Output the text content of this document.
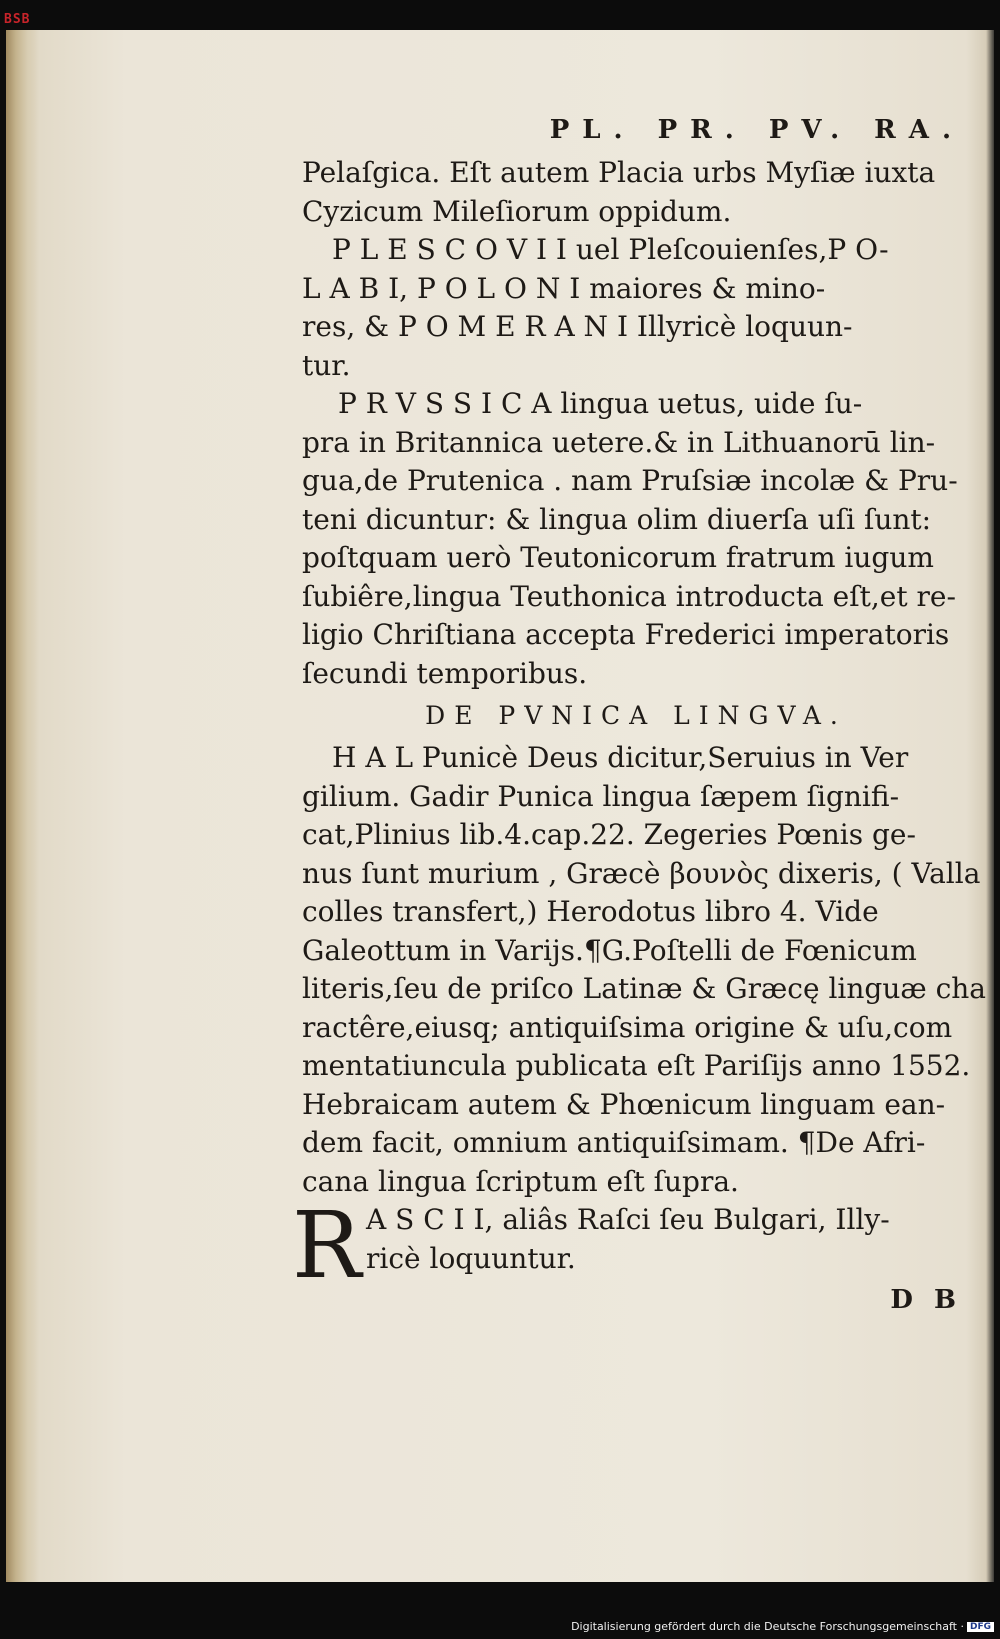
BSB
PL. PR. PV. RA.
Pelaſgica. Eſt autem Placia urbs Myſiæ iuxta
Cyzicum Mileſiorum oppidum.
P L E S C O V I I uel Pleſcouienſes,P O-
L A B I, P O L O N I maiores & mino-
res, & P O M E R A N I Illyricè loquun-
tur.
P R V S S I C A lingua uetus, uide ſu-
pra in Britannica uetere.& in Lithuanorū lin-
gua,de Prutenica . nam Pruſsiæ incolæ & Pru-
teni dicuntur: & lingua olim diuerſa uſi ſunt:
poſtquam uerò Teutonicorum fratrum iugum
ſubiêre,lingua Teuthonica introducta eſt,et re-
ligio Chriſtiana accepta Frederici imperatoris
ſecundi temporibus.
DE PVNICA LINGVA.
H A L Punicè Deus dicitur,Seruius in Ver
gilium. Gadir Punica lingua ſæpem ſignifi-
cat,Plinius lib.4.cap.22. Zegeries Pœnis ge-
nus ſunt murium , Græcè βουνὸς dixeris, ( Valla
colles transfert,) Herodotus libro 4. Vide
Galeottum in Varijs.¶G.Poſtelli de Fœnicum
literis,ſeu de priſco Latinæ & Græcę linguæ cha
ractêre,eiusq; antiquiſsima origine & uſu,com
mentatiuncula publicata eſt Pariſijs anno 1552.
Hebraicam autem & Phœnicum linguam ean-
dem facit, omnium antiquiſsimam. ¶De Afri-
cana lingua ſcriptum eſt ſupra.
R A S C I I, aliâs Raſci ſeu Bulgari, Illy-
ricè loquuntur.
D B
Digitalisierung gefördert durch die Deutsche Forschungsgemeinschaft · DFG
